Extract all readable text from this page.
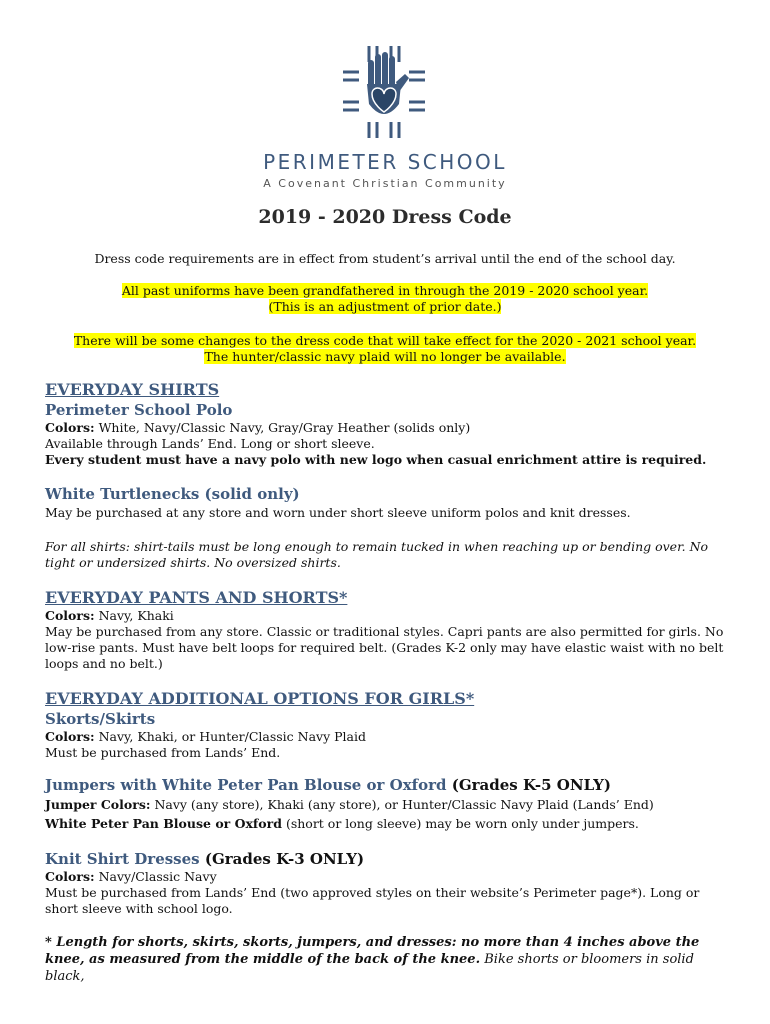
PERIMETER SCHOOL
A Covenant Christian Community
2019 - 2020 Dress Code
Dress code requirements are in effect from student’s arrival until the end of the school day.
All past uniforms have been grandfathered in through the 2019 - 2020 school year.
(This is an adjustment of prior date.)
There will be some changes to the dress code that will take effect for the 2020 - 2021 school year.
The hunter/classic navy plaid will no longer be available.
EVERYDAY SHIRTS
Perimeter School Polo
Colors: White, Navy/Classic Navy, Gray/Gray Heather (solids only)
Available through Lands’ End. Long or short sleeve.
Every student must have a navy polo with new logo when casual enrichment attire is required.
White Turtlenecks (solid only)
May be purchased at any store and worn under short sleeve uniform polos and knit dresses.
For all shirts: shirt-tails must be long enough to remain tucked in when reaching up or bending over. No tight or undersized shirts. No oversized shirts.
EVERYDAY PANTS AND SHORTS*
Colors: Navy, Khaki
May be purchased from any store. Classic or traditional styles. Capri pants are also permitted for girls. No low-rise pants. Must have belt loops for required belt. (Grades K-2 only may have elastic waist with no belt loops and no belt.)
EVERYDAY ADDITIONAL OPTIONS FOR GIRLS*
Skorts/Skirts
Colors: Navy, Khaki, or Hunter/Classic Navy Plaid
Must be purchased from Lands’ End.
Jumpers with White Peter Pan Blouse or Oxford (Grades K-5 ONLY)
Jumper Colors: Navy (any store), Khaki (any store), or Hunter/Classic Navy Plaid (Lands’ End)
White Peter Pan Blouse or Oxford (short or long sleeve) may be worn only under jumpers.
Knit Shirt Dresses (Grades K-3 ONLY)
Colors: Navy/Classic Navy
Must be purchased from Lands’ End (two approved styles on their website’s Perimeter page*). Long or short sleeve with school logo.
* Length for shorts, skirts, skorts, jumpers, and dresses: no more than 4 inches above the knee, as measured from the middle of the back of the knee. Bike shorts or bloomers in solid black,
